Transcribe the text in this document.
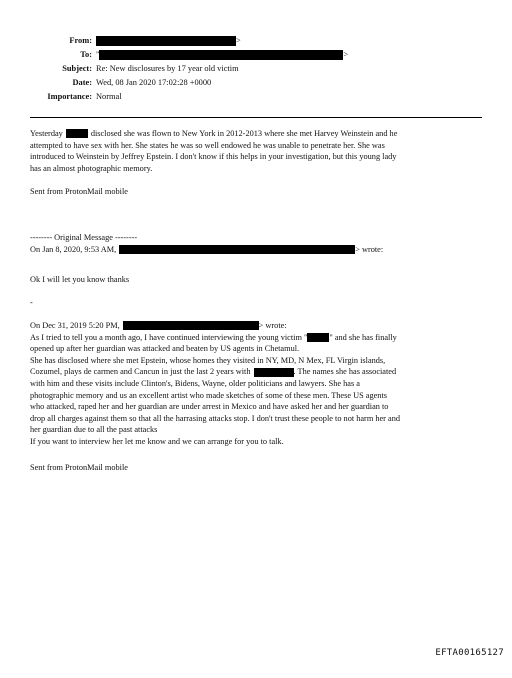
From:	>
To: "	>
Subject: Re: New disclosures by 17 year old victim
Date: Wed, 08 Jan 2020 17:02:28 +0000
Importance: Normal
Yesterday	disclosed she was flown to New York in 2012-2013 where she met Harvey Weinstein and he
attempted to have sex with her. She states he was so well endowed he was unable to penetrate her. She was
introduced to Weinstein by Jeffrey Epstein. I don't know if this helps in your investigation, but this young lady
has an almost photographic memory.
Sent from ProtonMail mobile
-------- Original Message --------
On Jan 8, 2020, 9:53 AM,	> wrote:
Ok I will let you know thanks
-
On Dec 31, 2019 5:20 PM,	> wrote:
As I tried to tell you a month ago, I have continued interviewing the young victim "	" and she has finally
opened up after her guardian was attacked and beaten by US agents in Chetamul.
She has disclosed where she met Epstein, whose homes they visited in NY, MD, N Mex, FL Virgin islands,
Cozumel, plays de carmen and Cancun in just the last 2 years with	. The names she has associated
with him and these visits include Clinton's, Bidens, Wayne, older politicians and lawyers. She has a
photographic memory and us an excellent artist who made sketches of some of these men. These US agents
who attacked, raped her and her guardian are under arrest in Mexico and have asked her and her guardian to
drop all charges against them so that all the harrasing attacks stop. I don't trust these people to not harm her and
her guardian due to all the past attacks
If you want to interview her let me know and we can arrange for you to talk.
Sent from ProtonMail mobile
EFTA00165127
